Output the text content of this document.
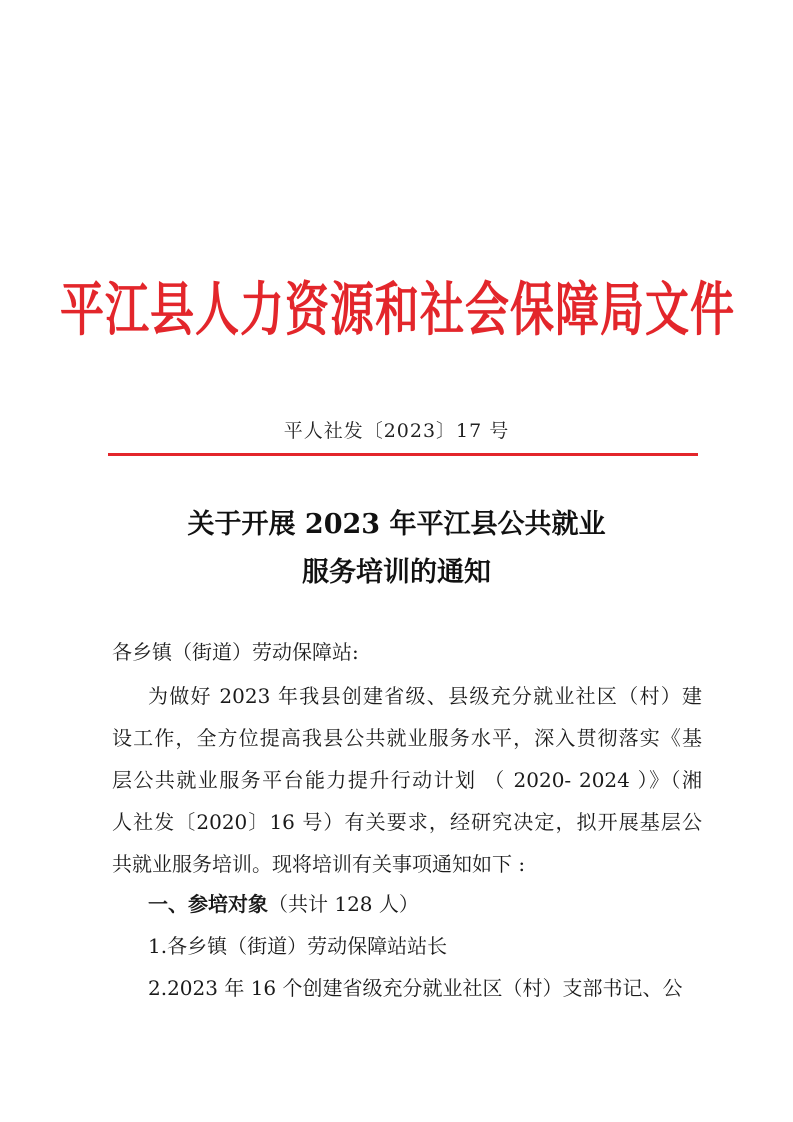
平江县人力资源和社会保障局文件
平人社发〔2023〕17 号
关于开展 2023 年平江县公共就业
服务培训的通知
各乡镇（街道）劳动保障站:
为做好 2023 年我县创建省级、县级充分就业社区（村）建
设工作，全方位提高我县公共就业服务水平，深入贯彻落实《基
层公共就业服务平台能力提升行动计划 （ 2020- 2024 ）》（湘
人社发〔2020〕16 号）有关要求，经研究决定，拟开展基层公
共就业服务培训。现将培训有关事项通知如下 :
一、参培对象（共计 128 人）
1.各乡镇（街道）劳动保障站站长
2.2023 年 16 个创建省级充分就业社区（村）支部书记、公
